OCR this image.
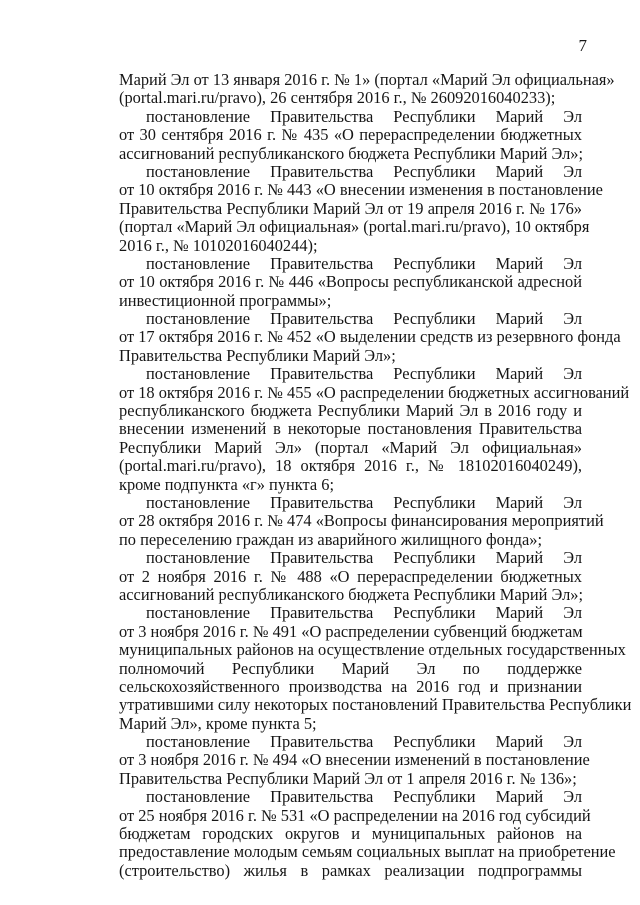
7
Марий Эл от 13 января 2016 г. № 1» (портал «Марий Эл официальная»
(portal.mari.ru/pravo), 26 сентября 2016 г., № 26092016040233);
постановление Правительства Республики Марий Эл
от 30 сентября 2016 г. № 435 «О перераспределении бюджетных
ассигнований республиканского бюджета Республики Марий Эл»;
постановление Правительства Республики Марий Эл
от 10 октября 2016 г. № 443 «О внесении изменения в постановление
Правительства Республики Марий Эл от 19 апреля 2016 г. № 176»
(портал «Марий Эл официальная» (portal.mari.ru/pravo), 10 октября
2016 г., № 10102016040244);
постановление Правительства Республики Марий Эл
от 10 октября 2016 г. № 446 «Вопросы республиканской адресной
инвестиционной программы»;
постановление Правительства Республики Марий Эл
от 17 октября 2016 г. № 452 «О выделении средств из резервного фонда
Правительства Республики Марий Эл»;
постановление Правительства Республики Марий Эл
от 18 октября 2016 г. № 455 «О распределении бюджетных ассигнований
республиканского бюджета Республики Марий Эл в 2016 году и
внесении изменений в некоторые постановления Правительства
Республики Марий Эл» (портал «Марий Эл официальная»
(portal.mari.ru/pravo), 18 октября 2016 г., № 18102016040249),
кроме подпункта «г» пункта 6;
постановление Правительства Республики Марий Эл
от 28 октября 2016 г. № 474 «Вопросы финансирования мероприятий
по переселению граждан из аварийного жилищного фонда»;
постановление Правительства Республики Марий Эл
от 2 ноября 2016 г. № 488 «О перераспределении бюджетных
ассигнований республиканского бюджета Республики Марий Эл»;
постановление Правительства Республики Марий Эл
от 3 ноября 2016 г. № 491 «О распределении субвенций бюджетам
муниципальных районов на осуществление отдельных государственных
полномочий Республики Марий Эл по поддержке
сельскохозяйственного производства на 2016 год и признании
утратившими силу некоторых постановлений Правительства Республики
Марий Эл», кроме пункта 5;
постановление Правительства Республики Марий Эл
от 3 ноября 2016 г. № 494 «О внесении изменений в постановление
Правительства Республики Марий Эл от 1 апреля 2016 г. № 136»;
постановление Правительства Республики Марий Эл
от 25 ноября 2016 г. № 531 «О распределении на 2016 год субсидий
бюджетам городских округов и муниципальных районов на
предоставление молодым семьям социальных выплат на приобретение
(строительство) жилья в рамках реализации подпрограммы
